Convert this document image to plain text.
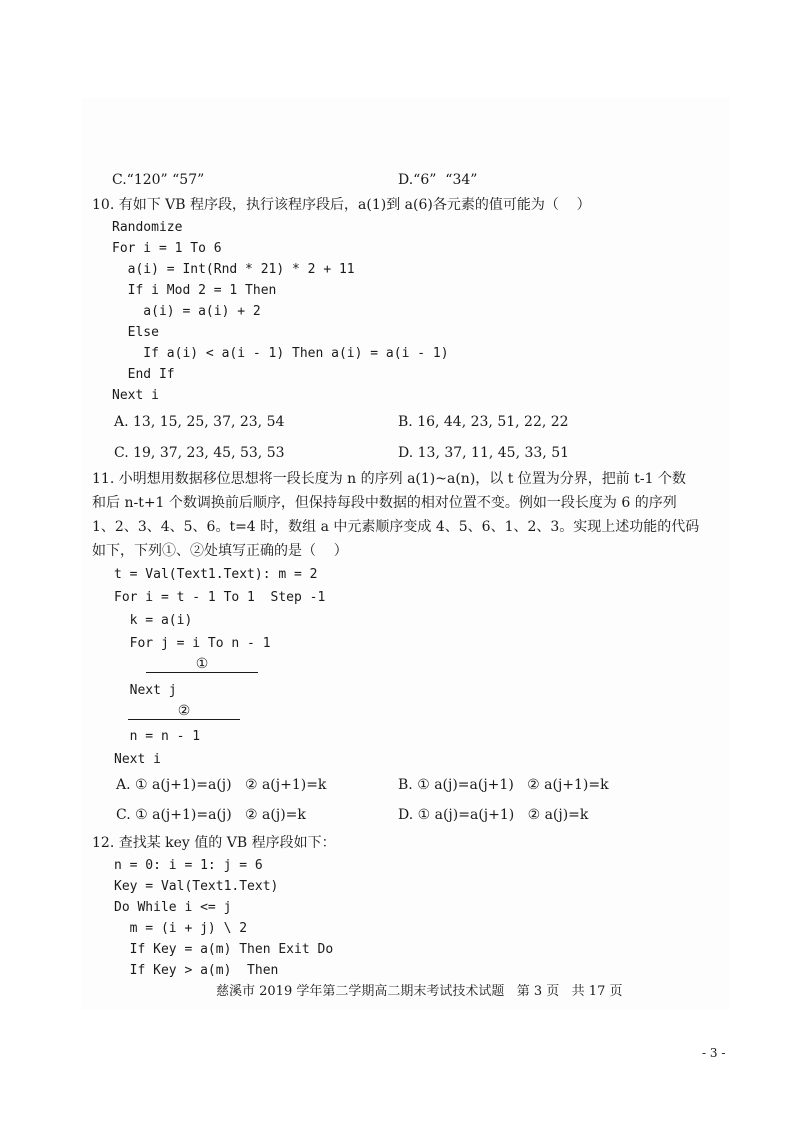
C.“120” “57”	D.“6”  “34”
10. 有如下 VB 程序段，执行该程序段后，a(1)到 a(6)各元素的值可能为（    ）
Randomize
For i = 1 To 6
a(i) = Int(Rnd * 21) * 2 + 11
If i Mod 2 = 1 Then
a(i) = a(i) + 2
Else
If a(i) < a(i - 1) Then a(i) = a(i - 1)
End If
Next i
A. 13, 15, 25, 37, 23, 54	B. 16, 44, 23, 51, 22, 22
C. 19, 37, 23, 45, 53, 53	D. 13, 37, 11, 45, 33, 51
11. 小明想用数据移位思想将一段长度为 n 的序列 a(1)~a(n)，以 t 位置为分界，把前 t-1 个数
和后 n-t+1 个数调换前后顺序，但保持每段中数据的相对位置不变。例如一段长度为 6 的序列
1、2、3、4、5、6。t=4 时，数组 a 中元素顺序变成 4、5、6、1、2、3。实现上述功能的代码
如下，下列①、②处填写正确的是（    ）
t = Val(Text1.Text): m = 2
For i = t - 1 To 1  Step -1
k = a(i)
For j = i To n - 1
①
Next j
②
n = n - 1
Next i
A. ① a(j+1)=a(j)   ② a(j+1)=k	B. ① a(j)=a(j+1)   ② a(j+1)=k
C. ① a(j+1)=a(j)   ② a(j)=k	D. ① a(j)=a(j+1)   ② a(j)=k
12. 查找某 key 值的 VB 程序段如下：
n = 0: i = 1: j = 6
Key = Val(Text1.Text)
Do While i <= j
m = (i + j) \ 2
If Key = a(m) Then Exit Do
If Key > a(m)  Then
慈溪市 2019 学年第二学期高二期末考试技术试题   第 3 页   共 17 页
- 3 -
